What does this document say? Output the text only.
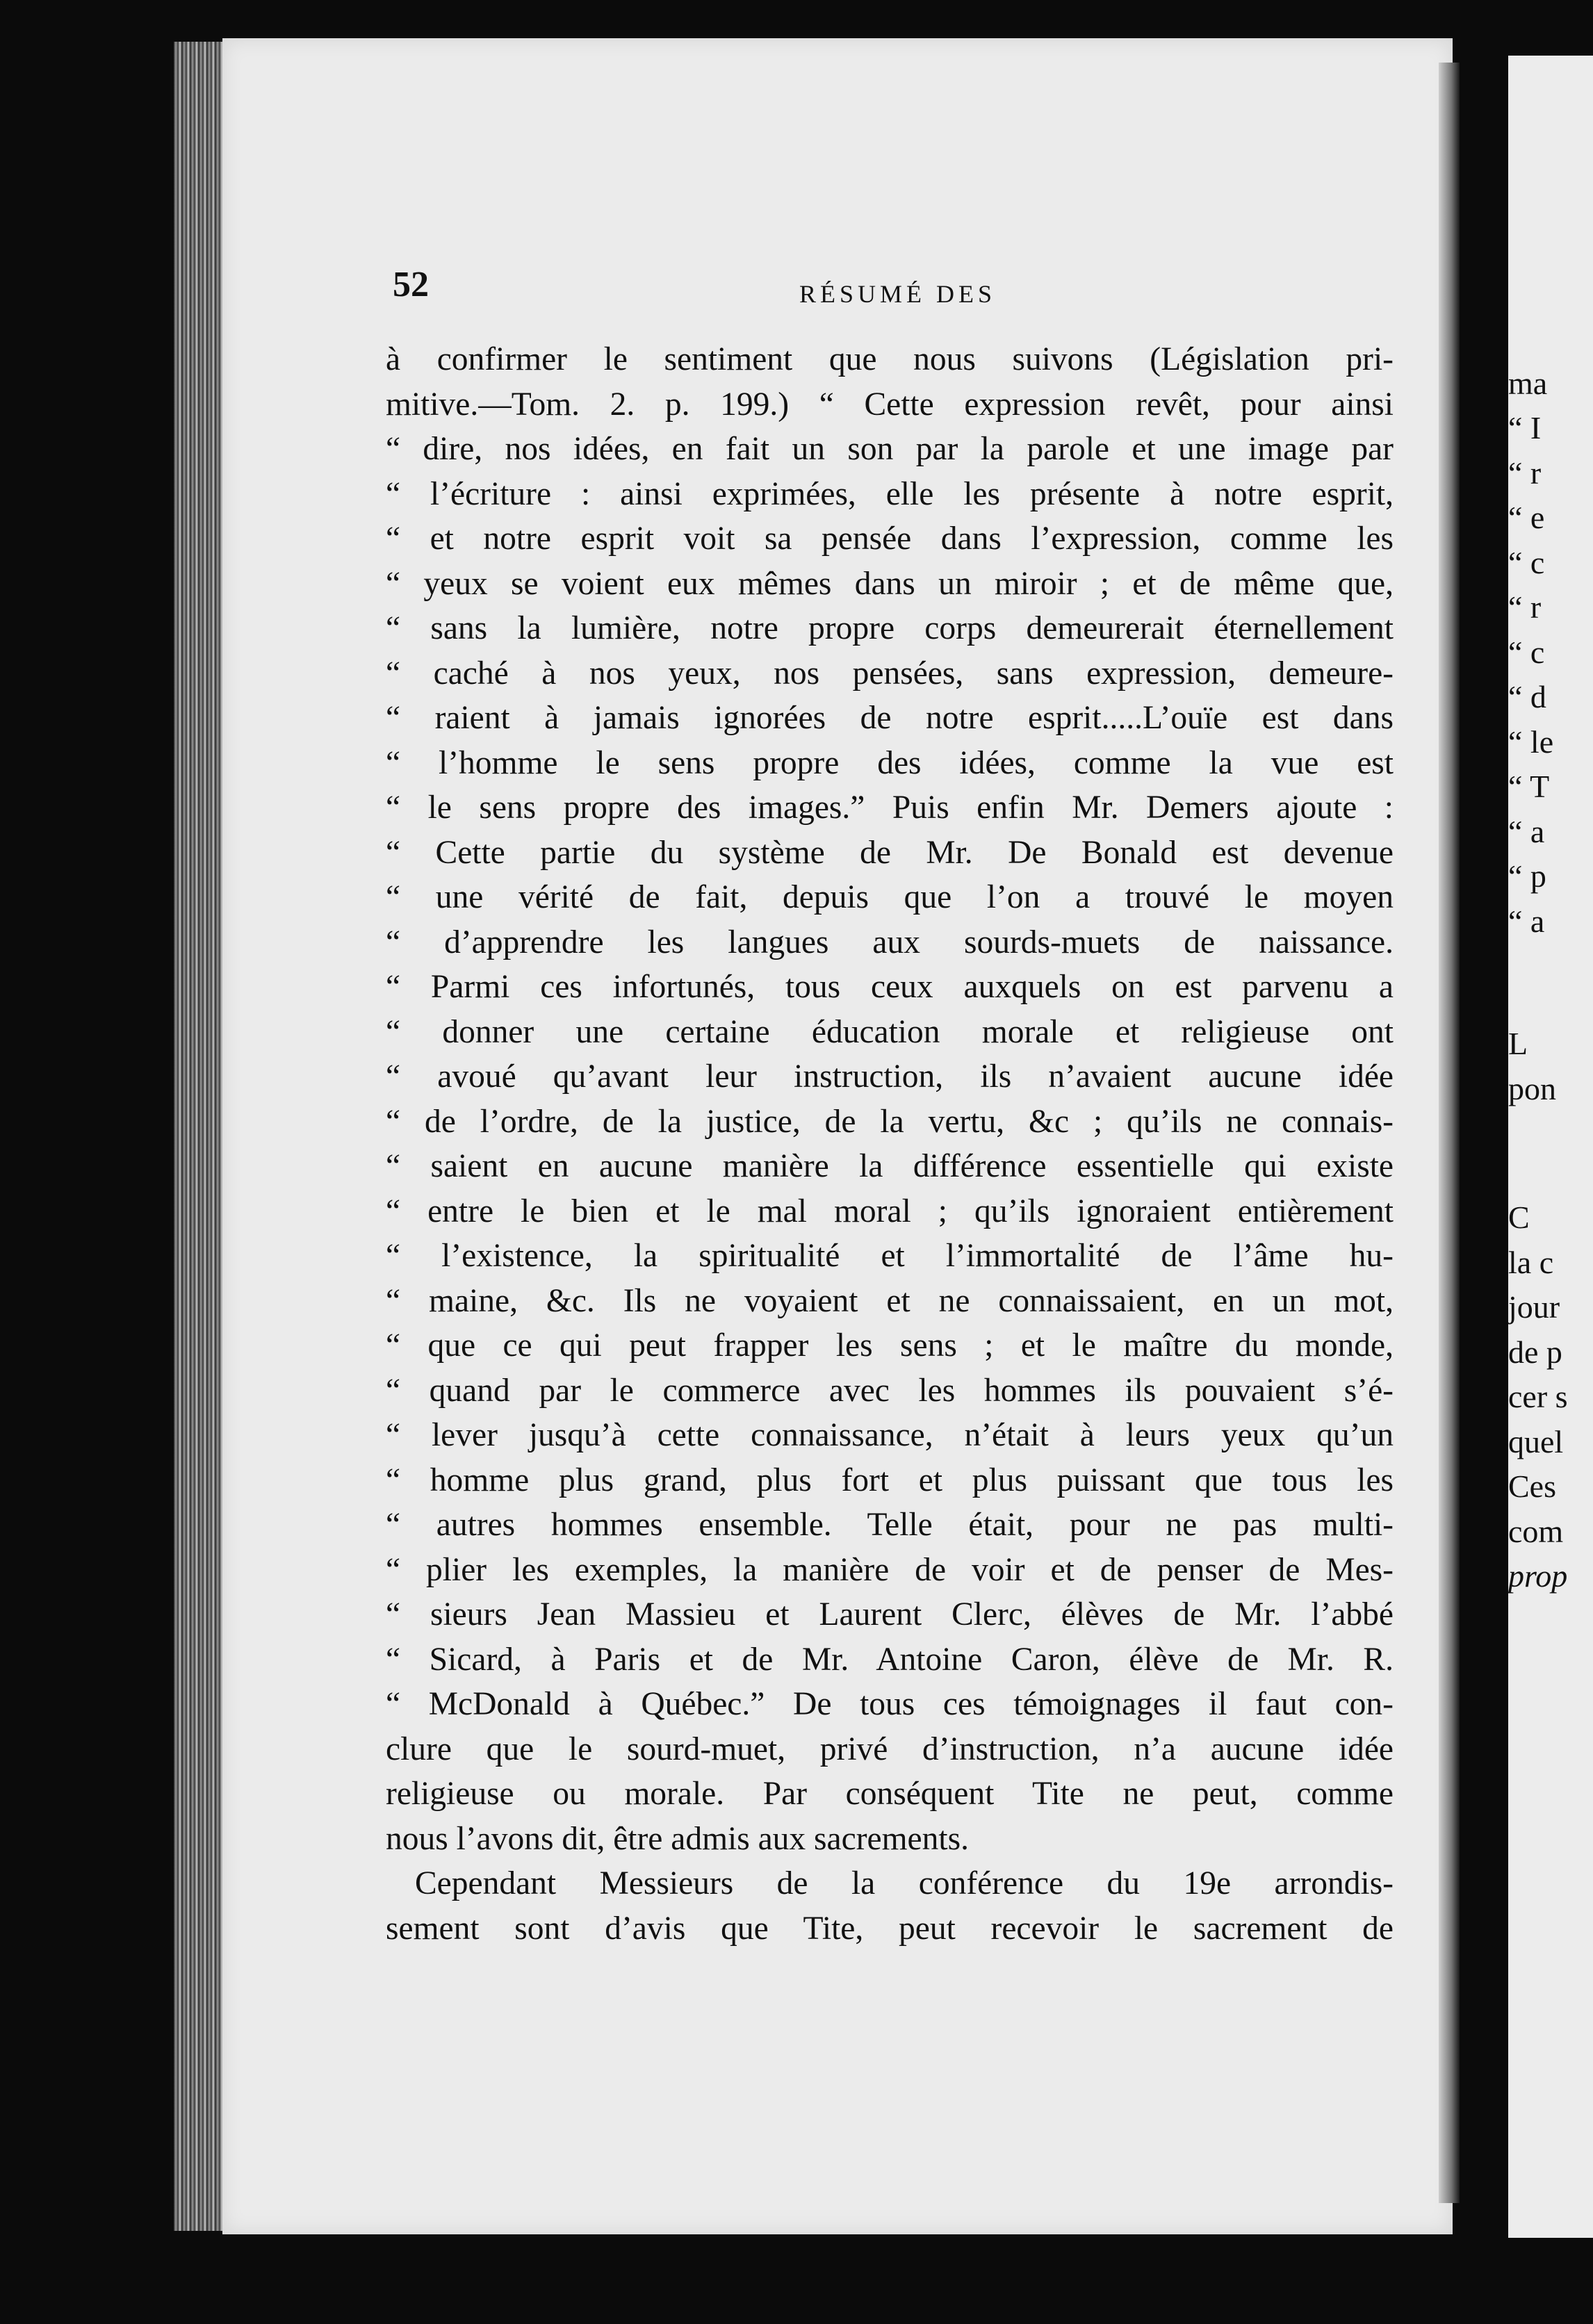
52	RÉSUMÉ DES
à confirmer le sentiment que nous suivons (Législation pri-
mitive.—Tom. 2. p. 199.) “ Cette expression revêt, pour ainsi
“ dire, nos idées, en fait un son par la parole et une image par
“ l’écriture : ainsi exprimées, elle les présente à notre esprit,
“ et notre esprit voit sa pensée dans l’expression, comme les
“ yeux se voient eux mêmes dans un miroir ; et de même que,
“ sans la lumière, notre propre corps demeurerait éternellement
“ caché à nos yeux, nos pensées, sans expression, demeure-
“ raient à jamais ignorées de notre esprit.....L’ouïe est dans
“ l’homme le sens propre des idées, comme la vue est
“ le sens propre des images.” Puis enfin Mr. Demers ajoute :
“ Cette partie du système de Mr. De Bonald est devenue
“ une vérité de fait, depuis que l’on a trouvé le moyen
“ d’apprendre les langues aux sourds-muets de naissance.
“ Parmi ces infortunés, tous ceux auxquels on est parvenu a
“ donner une certaine éducation morale et religieuse ont
“ avoué qu’avant leur instruction, ils n’avaient aucune idée
“ de l’ordre, de la justice, de la vertu, &c ; qu’ils ne connais-
“ saient en aucune manière la différence essentielle qui existe
“ entre le bien et le mal moral ; qu’ils ignoraient entièrement
“ l’existence, la spiritualité et l’immortalité de l’âme hu-
“ maine, &c. Ils ne voyaient et ne connaissaient, en un mot,
“ que ce qui peut frapper les sens ; et le maître du monde,
“ quand par le commerce avec les hommes ils pouvaient s’é-
“ lever jusqu’à cette connaissance, n’était à leurs yeux qu’un
“ homme plus grand, plus fort et plus puissant que tous les
“ autres hommes ensemble. Telle était, pour ne pas multi-
“ plier les exemples, la manière de voir et de penser de Mes-
“ sieurs Jean Massieu et Laurent Clerc, élèves de Mr. l’abbé
“ Sicard, à Paris et de Mr. Antoine Caron, élève de Mr. R.
“ McDonald à Québec.” De tous ces témoignages il faut con-
clure que le sourd-muet, privé d’instruction, n’a aucune idée
religieuse ou morale. Par conséquent Tite ne peut, comme
nous l’avons dit, être admis aux sacrements.
Cependant Messieurs de la conférence du 19e arrondis-
sement sont d’avis que Tite, peut recevoir le sacrement de
ma
“ I
“ r
“ e
“ c
“ r
“ c
“ d
“ le
“ T
“ a
“ p
“ a
L
pon
C
la c
jour
de p
cer s
quel
Ces
com
prop
